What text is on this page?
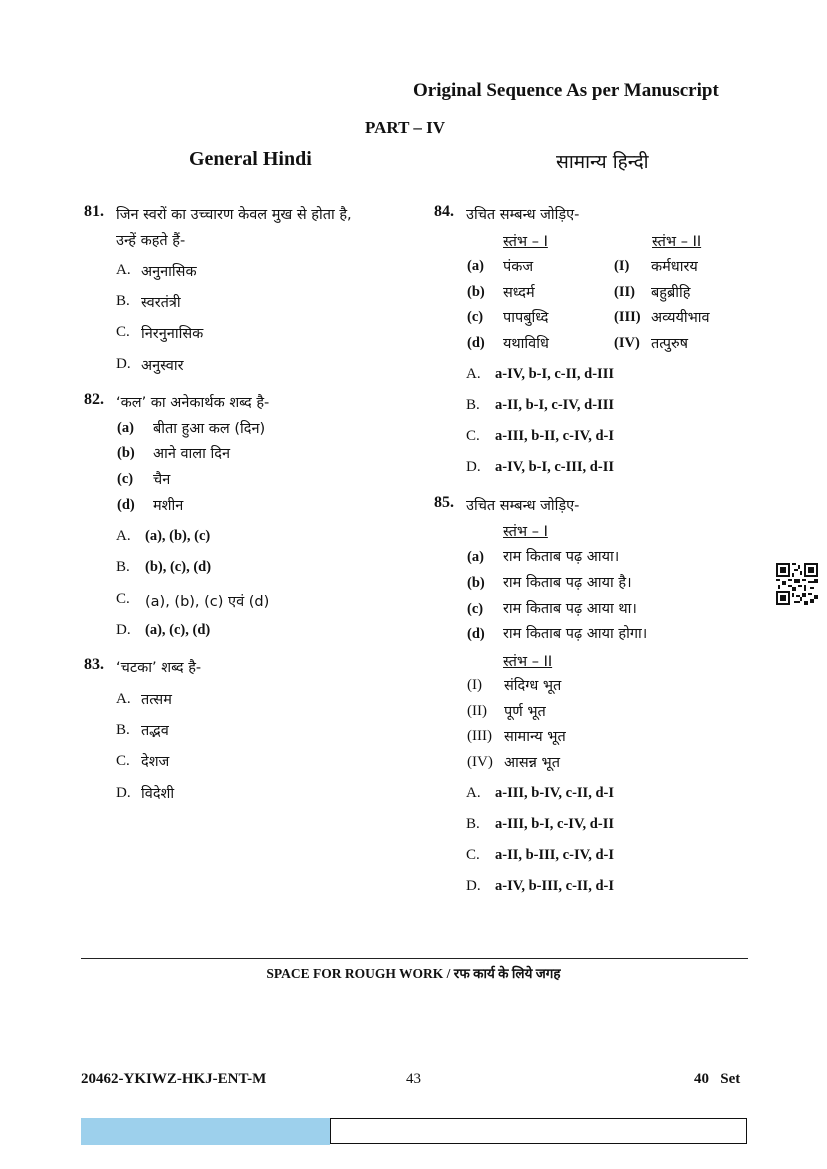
Original Sequence As per Manuscript
PART – IV
General Hindi	सामान्य हिन्दी
81. जिन स्वरों का उच्चारण केवल मुख से होता है,
उन्हें कहते हैं-
A. अनुनासिक
B. स्वरतंत्री
C. निरनुनासिक
D. अनुस्वार
82. ‘कल’ का अनेकार्थक शब्द है-
(a) बीता हुआ कल (दिन)
(b) आने वाला दिन
(c) चैन
(d) मशीन
A. (a), (b), (c)
B. (b), (c), (d)
C. (a), (b), (c) एवं (d)
D. (a), (c), (d)
83. ‘चटका’ शब्द है-
A. तत्सम
B. तद्भव
C. देशज
D. विदेशी
84. उचित सम्बन्ध जोड़िए-
स्तंभ – I	स्तंभ – II
(a) पंकज	(I) कर्मधारय
(b) सध्दर्म	(II) बहुब्रीहि
(c) पापबुध्दि	(III) अव्ययीभाव
(d) यथाविधि	(IV) तत्पुरुष
A. a-IV, b-I, c-II, d-III
B. a-II, b-I, c-IV, d-III
C. a-III, b-II, c-IV, d-I
D. a-IV, b-I, c-III, d-II
85. उचित सम्बन्ध जोड़िए-
स्तंभ – I
(a) राम किताब पढ़ आया।
(b) राम किताब पढ़ आया है।
(c) राम किताब पढ़ आया था।
(d) राम किताब पढ़ आया होगा।
स्तंभ – II
(I) संदिग्ध भूत
(II) पूर्ण भूत
(III) सामान्य भूत
(IV) आसन्न भूत
A. a-III, b-IV, c-II, d-I
B. a-III, b-I, c-IV, d-II
C. a-II, b-III, c-IV, d-I
D. a-IV, b-III, c-II, d-I
SPACE FOR ROUGH WORK / रफ कार्य के लिये जगह
20462-YKIWZ-HKJ-ENT-M	43	40   Set
